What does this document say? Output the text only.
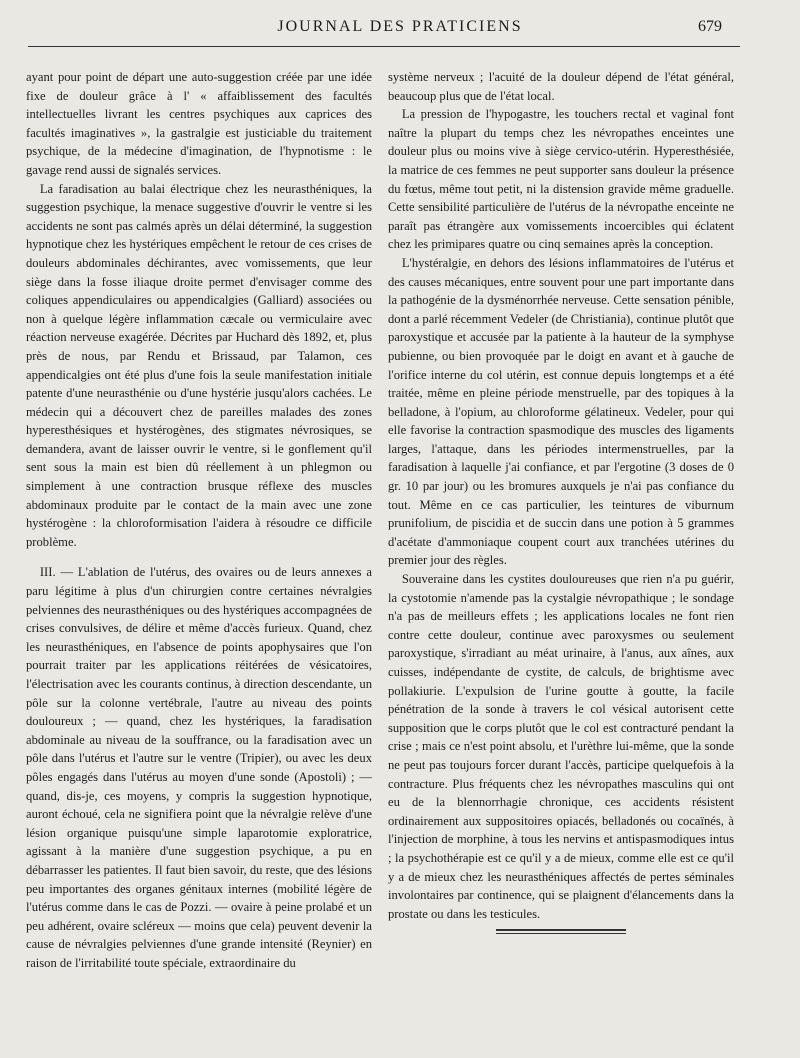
JOURNAL DES PRATICIENS	679

ayant pour point de départ une auto-suggestion créée par une idée fixe de douleur grâce à l' « affaiblissement des facultés intellectuelles livrant les centres psychiques aux caprices des facultés imaginatives », la gastralgie est justiciable du traitement psychique, de la médecine d'imagination, de l'hypnotisme : le gavage rend aussi de signalés services.

La faradisation au balai électrique chez les neurasthéniques, la suggestion psychique, la menace suggestive d'ouvrir le ventre si les accidents ne sont pas calmés après un délai déterminé, la suggestion hypnotique chez les hystériques empêchent le retour de ces crises de douleurs abdominales déchirantes, avec vomissements, que leur siège dans la fosse iliaque droite permet d'envisager comme des coliques appendiculaires ou appendicalgies (Galliard) associées ou non à quelque légère inflammation cæcale ou vermiculaire avec réaction nerveuse exagérée. Décrites par Huchard dès 1892, et, plus près de nous, par Rendu et Brissaud, par Talamon, ces appendicalgies ont été plus d'une fois la seule manifestation initiale patente d'une neurasthénie ou d'une hystérie jusqu'alors cachées. Le médecin qui a découvert chez de pareilles malades des zones hyperesthésiques et hystérogènes, des stigmates névrosiques, se demandera, avant de laisser ouvrir le ventre, si le gonflement qu'il sent sous la main est bien dû réellement à un phlegmon ou simplement à une contraction brusque réflexe des muscles abdominaux produite par le contact de la main avec une zone hystérogène : la chloroformisation l'aidera à résoudre ce difficile problème.

III. — L'ablation de l'utérus, des ovaires ou de leurs annexes a paru légitime à plus d'un chirurgien contre certaines névralgies pelviennes des neurasthéniques ou des hystériques accompagnées de crises convulsives, de délire et même d'accès furieux. Quand, chez les neurasthéniques, en l'absence de points apophysaires que l'on pourrait traiter par les applications réitérées de vésicatoires, l'électrisation avec les courants continus, à direction descendante, un pôle sur la colonne vertébrale, l'autre au niveau des points douloureux ; — quand, chez les hystériques, la faradisation abdominale au niveau de la souffrance, ou la faradisation avec un pôle dans l'utérus et l'autre sur le ventre (Tripier), ou avec les deux pôles engagés dans l'utérus au moyen d'une sonde (Apostoli) ; — quand, dis-je, ces moyens, y compris la suggestion hypnotique, auront échoué, cela ne signifiera point que la névralgie relève d'une lésion organique puisqu'une simple laparotomie exploratrice, agissant à la manière d'une suggestion psychique, a pu en débarrasser les patientes. Il faut bien savoir, du reste, que des lésions peu importantes des organes génitaux internes (mobilité légère de l'utérus comme dans le cas de Pozzi. — ovaire à peine prolabé et un peu adhérent, ovaire scléreux — moins que cela) peuvent devenir la cause de névralgies pelviennes d'une grande intensité (Reynier) en raison de l'irritabilité toute spéciale, extraordinaire du

système nerveux ; l'acuité de la douleur dépend de l'état général, beaucoup plus que de l'état local.

La pression de l'hypogastre, les touchers rectal et vaginal font naître la plupart du temps chez les névropathes enceintes une douleur plus ou moins vive à siège cervico-utérin. Hyperesthésiée, la matrice de ces femmes ne peut supporter sans douleur la présence du fœtus, même tout petit, ni la distension gravide même graduelle. Cette sensibilité particulière de l'utérus de la névropathe enceinte ne paraît pas étrangère aux vomissements incoercibles qui éclatent chez les primipares quatre ou cinq semaines après la conception.

L'hystéralgie, en dehors des lésions inflammatoires de l'utérus et des causes mécaniques, entre souvent pour une part importante dans la pathogénie de la dysménorrhée nerveuse. Cette sensation pénible, dont a parlé récemment Vedeler (de Christiania), continue plutôt que paroxystique et accusée par la patiente à la hauteur de la symphyse pubienne, ou bien provoquée par le doigt en avant et à gauche de l'orifice interne du col utérin, est connue depuis longtemps et a été traitée, même en pleine période menstruelle, par des topiques à la belladone, à l'opium, au chloroforme gélatineux. Vedeler, pour qui elle favorise la contraction spasmodique des muscles des ligaments larges, l'attaque, dans les périodes intermenstruelles, par la faradisation à laquelle j'ai confiance, et par l'ergotine (3 doses de 0 gr. 10 par jour) ou les bromures auxquels je n'ai pas confiance du tout. Même en ce cas particulier, les teintures de viburnum prunifolium, de piscidia et de succin dans une potion à 5 grammes d'acétate d'ammoniaque coupent court aux tranchées utérines du premier jour des règles.

Souveraine dans les cystites douloureuses que rien n'a pu guérir, la cystotomie n'amende pas la cystalgie névropathique ; le sondage n'a pas de meilleurs effets ; les applications locales ne font rien contre cette douleur, continue avec paroxysmes ou seulement paroxystique, s'irradiant au méat urinaire, à l'anus, aux aînes, aux cuisses, indépendante de cystite, de calculs, de brightisme avec pollakiurie. L'expulsion de l'urine goutte à goutte, la facile pénétration de la sonde à travers le col vésical autorisent cette supposition que le corps plutôt que le col est contracturé pendant la crise ; mais ce n'est point absolu, et l'urèthre lui-même, que la sonde ne peut pas toujours forcer durant l'accès, participe quelquefois à la contracture. Plus fréquents chez les névropathes masculins qui ont eu de la blennorrhagie chronique, ces accidents résistent ordinairement aux suppositoires opiacés, belladonés ou cocaïnés, à l'injection de morphine, à tous les nervins et antispasmodiques intus ; la psychothérapie est ce qu'il y a de mieux, comme elle est ce qu'il y a de mieux chez les neurasthéniques affectés de pertes séminales involontaires par continence, qui se plaignent d'élancements dans la prostate ou dans les testicules.
